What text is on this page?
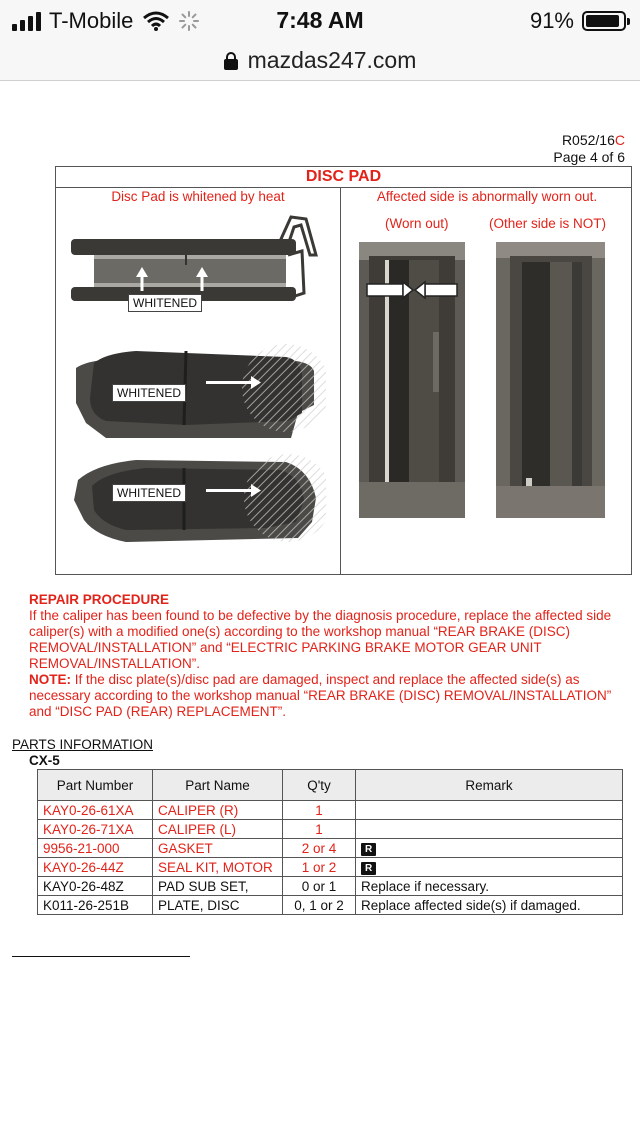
T-Mobile	7:48 AM	91%
mazdas247.com
R052/16C
Page 4 of 6
DISC PAD
Disc Pad is whitened by heat
WHITENED
WHITENED
WHITENED
Affected side is abnormally worn out.
(Worn out)	(Other side is NOT)
REPAIR PROCEDURE
If the caliper has been found to be defective by the diagnosis procedure, replace the affected side caliper(s) with a modified one(s) according to the workshop manual “REAR BRAKE (DISC) REMOVAL/INSTALLATION” and “ELECTRIC PARKING BRAKE MOTOR GEAR UNIT REMOVAL/INSTALLATION”.
NOTE: If the disc plate(s)/disc pad are damaged, inspect and replace the affected side(s) as necessary according to the workshop manual “REAR BRAKE (DISC) REMOVAL/INSTALLATION” and “DISC PAD (REAR) REPLACEMENT”.
PARTS INFORMATION
CX-5
Part Number	Part Name	Q'ty	Remark
KAY0-26-61XA	CALIPER (R)	1	
KAY0-26-71XA	CALIPER (L)	1	
9956-21-000	GASKET	2 or 4	R
KAY0-26-44Z	SEAL KIT, MOTOR	1 or 2	R
KAY0-26-48Z	PAD SUB SET,	0 or 1	Replace if necessary.
K011-26-251B	PLATE, DISC	0, 1 or 2	Replace affected side(s) if damaged.
